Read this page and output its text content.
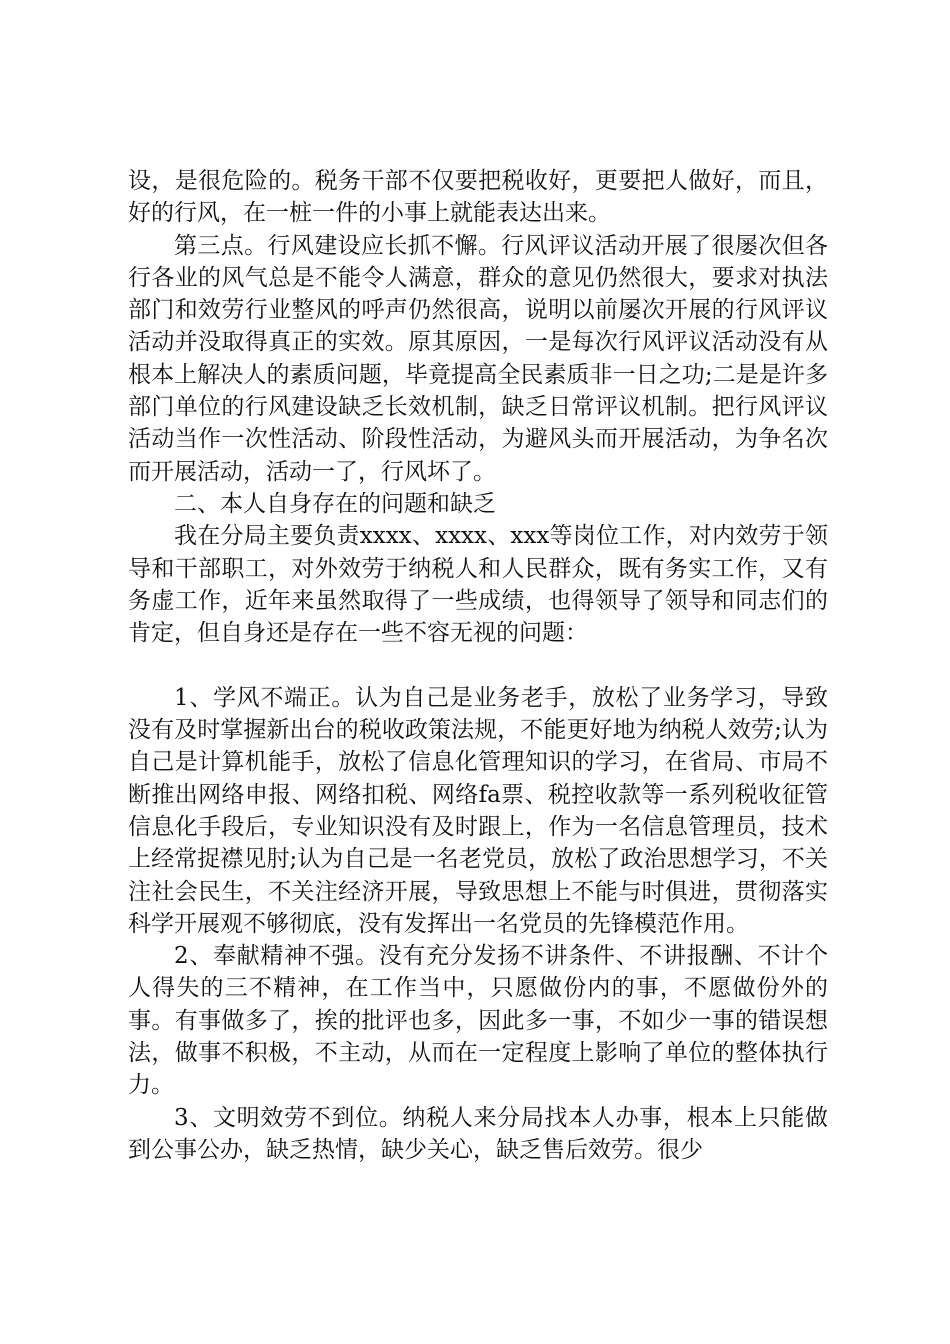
设，是很危险的。税务干部不仅要把税收好，更要把人做好，而且，好的行风，在一桩一件的小事上就能表达出来。

第三点。行风建设应长抓不懈。行风评议活动开展了很屡次但各行各业的风气总是不能令人满意，群众的意见仍然很大，要求对执法部门和效劳行业整风的呼声仍然很高，说明以前屡次开展的行风评议活动并没取得真正的实效。原其原因，一是每次行风评议活动没有从根本上解决人的素质问题，毕竟提高全民素质非一日之功;二是是许多部门单位的行风建设缺乏长效机制，缺乏日常评议机制。把行风评议活动当作一次性活动、阶段性活动，为避风头而开展活动，为争名次而开展活动，活动一了，行风坏了。

二、本人自身存在的问题和缺乏

我在分局主要负责xxxx、xxxx、xxx等岗位工作，对内效劳于领导和干部职工，对外效劳于纳税人和人民群众，既有务实工作，又有务虚工作，近年来虽然取得了一些成绩，也得领导了领导和同志们的肯定，但自身还是存在一些不容无视的问题：

1、学风不端正。认为自己是业务老手，放松了业务学习，导致没有及时掌握新出台的税收政策法规，不能更好地为纳税人效劳;认为自己是计算机能手，放松了信息化管理知识的学习，在省局、市局不断推出网络申报、网络扣税、网络fa票、税控收款等一系列税收征管信息化手段后，专业知识没有及时跟上，作为一名信息管理员，技术上经常捉襟见肘;认为自己是一名老党员，放松了政治思想学习，不关注社会民生，不关注经济开展，导致思想上不能与时俱进，贯彻落实科学开展观不够彻底，没有发挥出一名党员的先锋模范作用。

2、奉献精神不强。没有充分发扬不讲条件、不讲报酬、不计个人得失的三不精神，在工作当中，只愿做份内的事，不愿做份外的事。有事做多了，挨的批评也多，因此多一事，不如少一事的错误想法，做事不积极，不主动，从而在一定程度上影响了单位的整体执行力。

3、文明效劳不到位。纳税人来分局找本人办事，根本上只能做到公事公办，缺乏热情，缺少关心，缺乏售后效劳。很少
